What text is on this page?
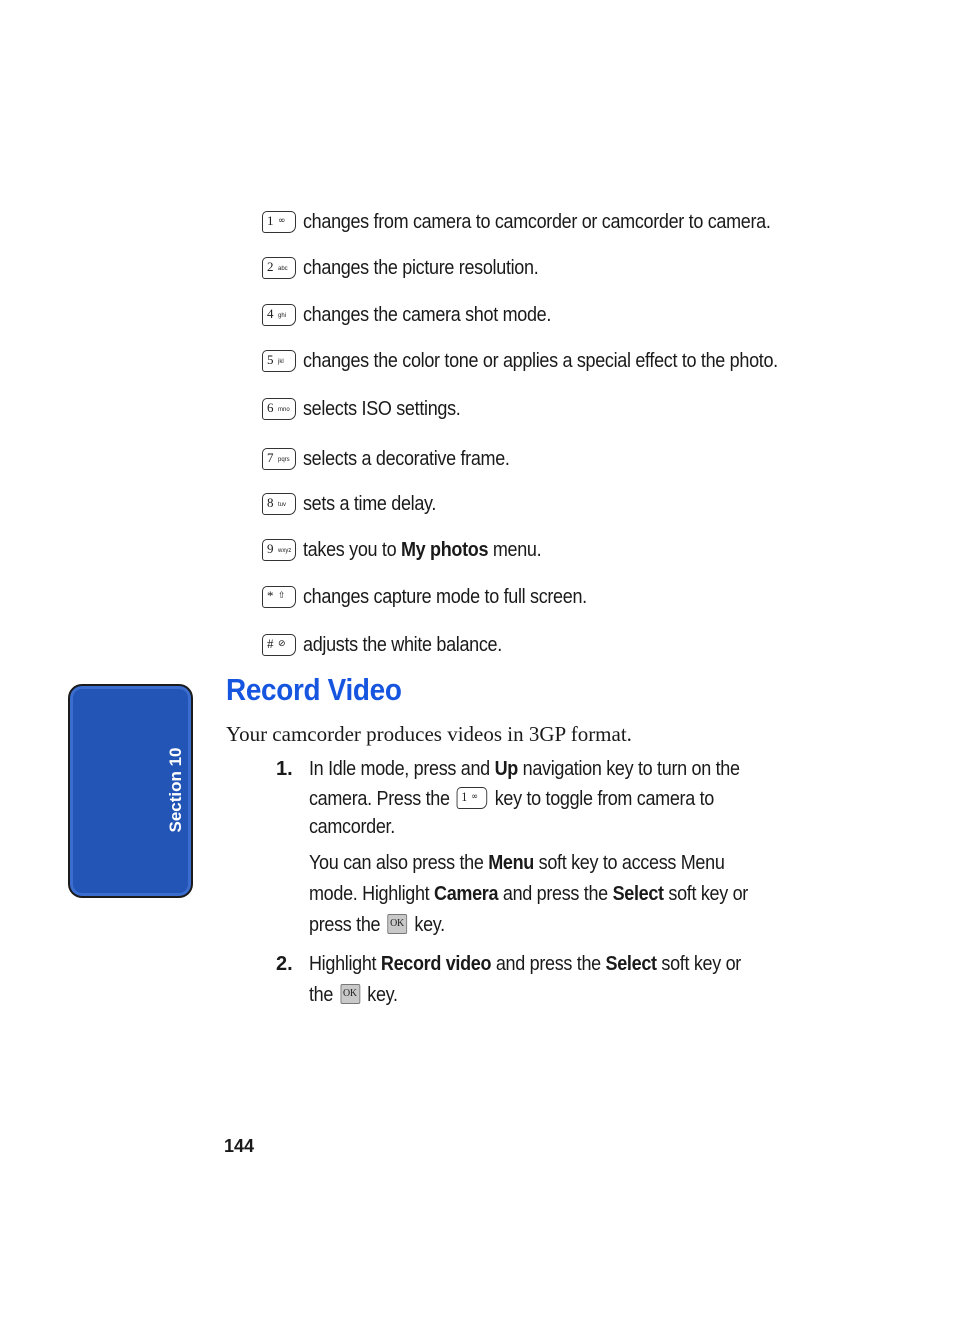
1 ∞ changes from camera to camcorder or camcorder to camera.
2 abc changes the picture resolution.
4 ghi changes the camera shot mode.
5 jkl changes the color tone or applies a special effect to the photo.
6 mno selects ISO settings.
7 pqrs selects a decorative frame.
8 tuv sets a time delay.
9 wxyz takes you to My photos menu.
* ⇧ changes capture mode to full screen.
# ⊘ adjusts the white balance.
Section 10
Record Video

Your camcorder produces videos in 3GP format.

1. In Idle mode, press and Up navigation key to turn on the
camera. Press the 1 ∞ key to toggle from camera to
camcorder.
You can also press the Menu soft key to access Menu
mode. Highlight Camera and press the Select soft key or
press the OK key.
2. Highlight Record video and press the Select soft key or
the OK key.
144
